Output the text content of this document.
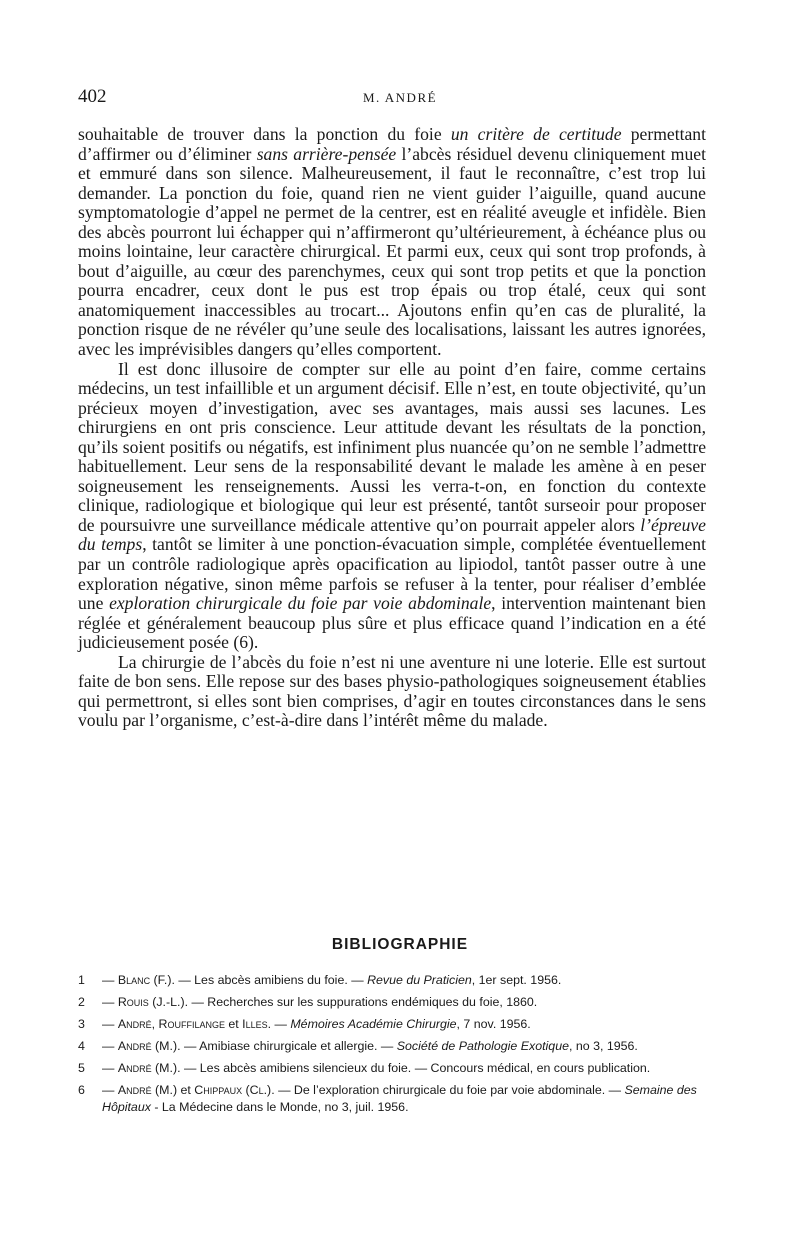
402	M. ANDRÉ

souhaitable de trouver dans la ponction du foie un critère de certitude permettant d’affirmer ou d’éliminer sans arrière-pensée l’abcès résiduel devenu cliniquement muet et emmuré dans son silence. Malheureusement, il faut le reconnaître, c’est trop lui demander. La ponction du foie, quand rien ne vient guider l’aiguille, quand aucune symptomatologie d’appel ne permet de la centrer, est en réalité aveugle et infidèle. Bien des abcès pourront lui échapper qui n’affirmeront qu’ultérieurement, à échéance plus ou moins lointaine, leur caractère chirurgical. Et parmi eux, ceux qui sont trop profonds, à bout d’aiguille, au cœur des parenchymes, ceux qui sont trop petits et que la ponction pourra encadrer, ceux dont le pus est trop épais ou trop étalé, ceux qui sont anatomiquement inaccessibles au trocart... Ajoutons enfin qu’en cas de pluralité, la ponction risque de ne révéler qu’une seule des localisations, laissant les autres ignorées, avec les imprévisibles dangers qu’elles comportent.

Il est donc illusoire de compter sur elle au point d’en faire, comme certains médecins, un test infaillible et un argument décisif. Elle n’est, en toute objectivité, qu’un précieux moyen d’investigation, avec ses avantages, mais aussi ses lacunes. Les chirurgiens en ont pris conscience. Leur attitude devant les résultats de la ponction, qu’ils soient positifs ou négatifs, est infiniment plus nuancée qu’on ne semble l’admettre habituellement. Leur sens de la responsabilité devant le malade les amène à en peser soigneusement les renseignements. Aussi les verra-t-on, en fonction du contexte clinique, radiologique et biologique qui leur est présenté, tantôt surseoir pour proposer de poursuivre une surveillance médicale attentive qu’on pourrait appeler alors l’épreuve du temps, tantôt se limiter à une ponction-évacuation simple, complétée éventuellement par un contrôle radiologique après opacification au lipiodol, tantôt passer outre à une exploration négative, sinon même parfois se refuser à la tenter, pour réaliser d’emblée une exploration chirurgicale du foie par voie abdominale, intervention maintenant bien réglée et généralement beaucoup plus sûre et plus efficace quand l’indication en a été judicieusement posée (6).

La chirurgie de l’abcès du foie n’est ni une aventure ni une loterie. Elle est surtout faite de bon sens. Elle repose sur des bases physio-pathologiques soigneusement établies qui permettront, si elles sont bien comprises, d’agir en toutes circonstances dans le sens voulu par l’organisme, c’est-à-dire dans l’intérêt même du malade.

BIBLIOGRAPHIE
1 — Blanc (F.). — Les abcès amibiens du foie. — Revue du Praticien, 1er sept. 1956.
2 — Rouis (J.-L.). — Recherches sur les suppurations endémiques du foie, 1860.
3 — André, Rouffilange et Illes. — Mémoires Académie Chirurgie, 7 nov. 1956.
4 — André (M.). — Amibiase chirurgicale et allergie. — Société de Pathologie Exotique, no 3, 1956.
5 — André (M.). — Les abcès amibiens silencieux du foie. — Concours médical, en cours publication.
6 — André (M.) et Chippaux (Cl.). — De l’exploration chirurgicale du foie par voie abdominale. — Semaine des Hôpitaux - La Médecine dans le Monde, no 3, juil. 1956.
